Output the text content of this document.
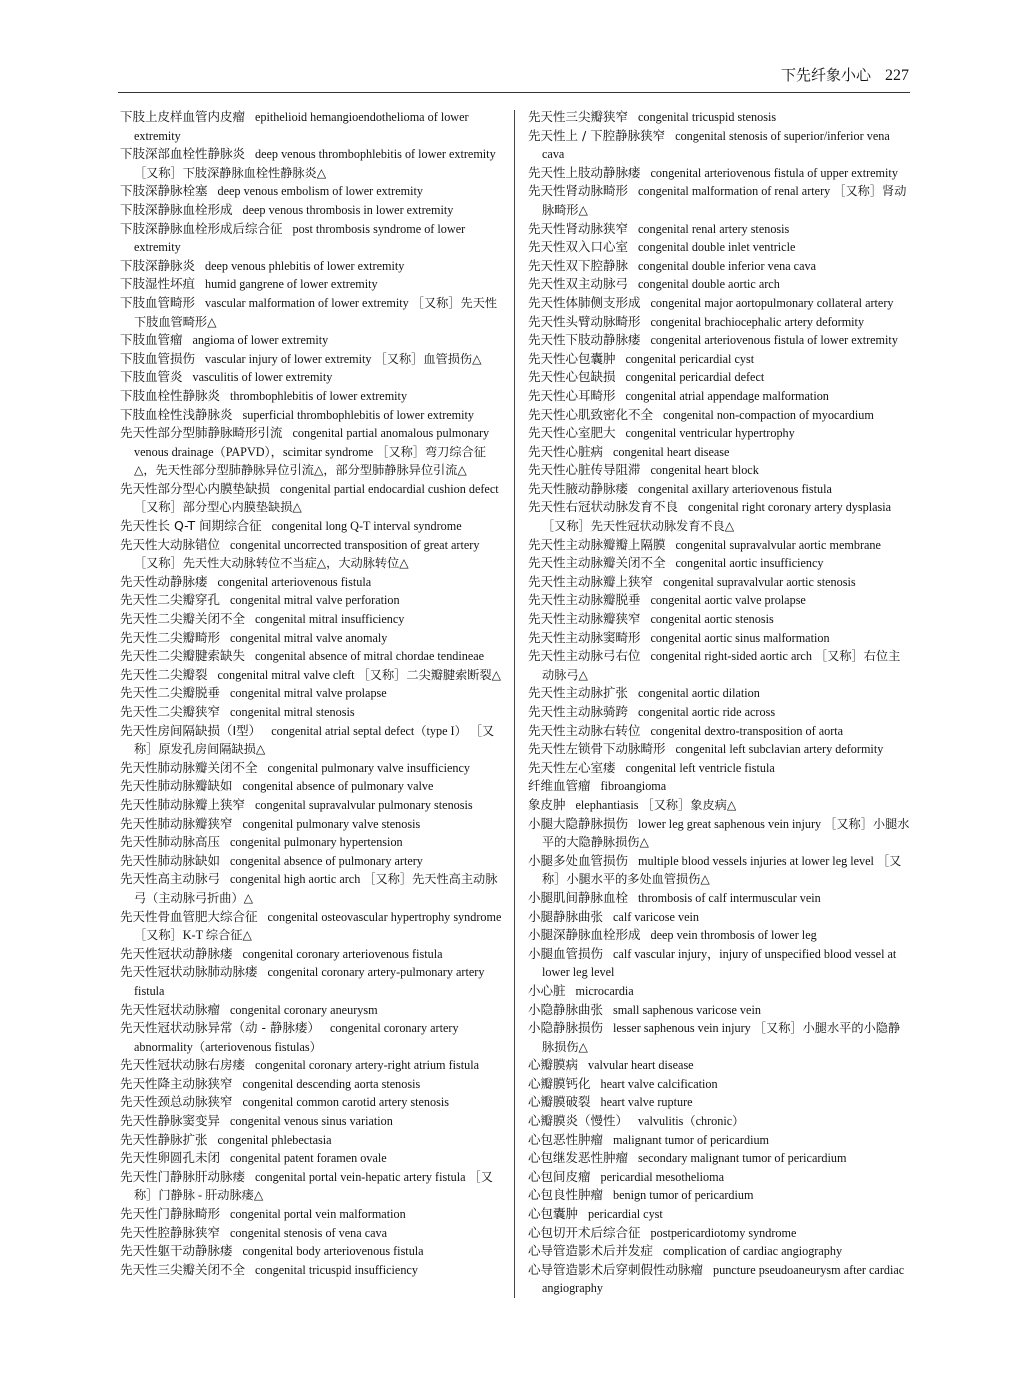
下先纤象小心 227

下肢上皮样血管内皮瘤 epithelioid hemangioendothelioma of lower extremity

下肢深部血栓性静脉炎 deep venous thrombophlebitis of lower extremity ［又称］下肢深静脉血栓性静脉炎△

下肢深静脉栓塞 deep venous embolism of lower extremity

下肢深静脉血栓形成 deep venous thrombosis in lower extremity

下肢深静脉血栓形成后综合征 post thrombosis syndrome of lower extremity

下肢深静脉炎 deep venous phlebitis of lower extremity

下肢湿性坏疽 humid gangrene of lower extremity

下肢血管畸形 vascular malformation of lower extremity ［又称］先天性下肢血管畸形△

下肢血管瘤 angioma of lower extremity

下肢血管损伤 vascular injury of lower extremity ［又称］血管损伤△

下肢血管炎 vasculitis of lower extremity

下肢血栓性静脉炎 thrombophlebitis of lower extremity

下肢血栓性浅静脉炎 superficial thrombophlebitis of lower extremity

先天性部分型肺静脉畸形引流 congenital partial anomalous pulmonary venous drainage（PAPVD），scimitar syndrome ［又称］弯刀综合征△，先天性部分型肺静脉异位引流△，部分型肺静脉异位引流△

先天性部分型心内膜垫缺损 congenital partial endocardial cushion defect ［又称］部分型心内膜垫缺损△

先天性长 Q-T 间期综合征 congenital long Q-T interval syndrome

先天性大动脉错位 congenital uncorrected transposition of great artery ［又称］先天性大动脉转位不当症△，大动脉转位△

先天性动静脉瘘 congenital arteriovenous fistula

先天性二尖瓣穿孔 congenital mitral valve perforation

先天性二尖瓣关闭不全 congenital mitral insufficiency

先天性二尖瓣畸形 congenital mitral valve anomaly

先天性二尖瓣腱索缺失 congenital absence of mitral chordae tendineae

先天性二尖瓣裂 congenital mitral valve cleft ［又称］二尖瓣腱索断裂△

先天性二尖瓣脱垂 congenital mitral valve prolapse

先天性二尖瓣狭窄 congenital mitral stenosis

先天性房间隔缺损（Ⅰ型） congenital atrial septal defect（type I） ［又称］原发孔房间隔缺损△

先天性肺动脉瓣关闭不全 congenital pulmonary valve insufficiency

先天性肺动脉瓣缺如 congenital absence of pulmonary valve

先天性肺动脉瓣上狭窄 congenital supravalvular pulmonary stenosis

先天性肺动脉瓣狭窄 congenital pulmonary valve stenosis

先天性肺动脉高压 congenital pulmonary hypertension

先天性肺动脉缺如 congenital absence of pulmonary artery

先天性高主动脉弓 congenital high aortic arch ［又称］先天性高主动脉弓（主动脉弓折曲）△

先天性骨血管肥大综合征 congenital osteovascular hypertrophy syndrome ［又称］K-T 综合征△

先天性冠状动静脉瘘 congenital coronary arteriovenous fistula

先天性冠状动脉肺动脉瘘 congenital coronary artery-pulmonary artery fistula

先天性冠状动脉瘤 congenital coronary aneurysm

先天性冠状动脉异常（动 - 静脉瘘） congenital coronary artery abnormality（arteriovenous fistulas）

先天性冠状动脉右房瘘 congenital coronary artery-right atrium fistula

先天性降主动脉狭窄 congenital descending aorta stenosis

先天性颈总动脉狭窄 congenital common carotid artery stenosis

先天性静脉窦变异 congenital venous sinus variation

先天性静脉扩张 congenital phlebectasia

先天性卵圆孔未闭 congenital patent foramen ovale

先天性门静脉肝动脉瘘 congenital portal vein-hepatic artery fistula ［又称］门静脉 - 肝动脉瘘△

先天性门静脉畸形 congenital portal vein malformation

先天性腔静脉狭窄 congenital stenosis of vena cava

先天性躯干动静脉瘘 congenital body arteriovenous fistula

先天性三尖瓣关闭不全 congenital tricuspid insufficiency

先天性三尖瓣狭窄 congenital tricuspid stenosis

先天性上 / 下腔静脉狭窄 congenital stenosis of superior/inferior vena cava

先天性上肢动静脉瘘 congenital arteriovenous fistula of upper extremity

先天性肾动脉畸形 congenital malformation of renal artery ［又称］肾动脉畸形△

先天性肾动脉狭窄 congenital renal artery stenosis

先天性双入口心室 congenital double inlet ventricle

先天性双下腔静脉 congenital double inferior vena cava

先天性双主动脉弓 congenital double aortic arch

先天性体肺侧支形成 congenital major aortopulmonary collateral artery

先天性头臂动脉畸形 congenital brachiocephalic artery deformity

先天性下肢动静脉瘘 congenital arteriovenous fistula of lower extremity

先天性心包囊肿 congenital pericardial cyst

先天性心包缺损 congenital pericardial defect

先天性心耳畸形 congenital atrial appendage malformation

先天性心肌致密化不全 congenital non-compaction of myocardium

先天性心室肥大 congenital ventricular hypertrophy

先天性心脏病 congenital heart disease

先天性心脏传导阻滞 congenital heart block

先天性腋动静脉瘘 congenital axillary arteriovenous fistula

先天性右冠状动脉发育不良 congenital right coronary artery dysplasia ［又称］先天性冠状动脉发育不良△

先天性主动脉瓣瓣上隔膜 congenital supravalvular aortic membrane

先天性主动脉瓣关闭不全 congenital aortic insufficiency

先天性主动脉瓣上狭窄 congenital supravalvular aortic stenosis

先天性主动脉瓣脱垂 congenital aortic valve prolapse

先天性主动脉瓣狭窄 congenital aortic stenosis

先天性主动脉窦畸形 congenital aortic sinus malformation

先天性主动脉弓右位 congenital right-sided aortic arch ［又称］右位主动脉弓△

先天性主动脉扩张 congenital aortic dilation

先天性主动脉骑跨 congenital aortic ride across

先天性主动脉右转位 congenital dextro-transposition of aorta

先天性左锁骨下动脉畸形 congenital left subclavian artery deformity

先天性左心室瘘 congenital left ventricle fistula

纤维血管瘤 fibroangioma

象皮肿 elephantiasis ［又称］象皮病△

小腿大隐静脉损伤 lower leg great saphenous vein injury ［又称］小腿水平的大隐静脉损伤△

小腿多处血管损伤 multiple blood vessels injuries at lower leg level ［又称］小腿水平的多处血管损伤△

小腿肌间静脉血栓 thrombosis of calf intermuscular vein

小腿静脉曲张 calf varicose vein

小腿深静脉血栓形成 deep vein thrombosis of lower leg

小腿血管损伤 calf vascular injury，injury of unspecified blood vessel at lower leg level

小心脏 microcardia

小隐静脉曲张 small saphenous varicose vein

小隐静脉损伤 lesser saphenous vein injury ［又称］小腿水平的小隐静脉损伤△

心瓣膜病 valvular heart disease

心瓣膜钙化 heart valve calcification

心瓣膜破裂 heart valve rupture

心瓣膜炎（慢性） valvulitis（chronic）

心包恶性肿瘤 malignant tumor of pericardium

心包继发恶性肿瘤 secondary malignant tumor of pericardium

心包间皮瘤 pericardial mesothelioma

心包良性肿瘤 benign tumor of pericardium

心包囊肿 pericardial cyst

心包切开术后综合征 postpericardiotomy syndrome

心导管造影术后并发症 complication of cardiac angiography

心导管造影术后穿刺假性动脉瘤 puncture pseudoaneurysm after cardiac angiography
